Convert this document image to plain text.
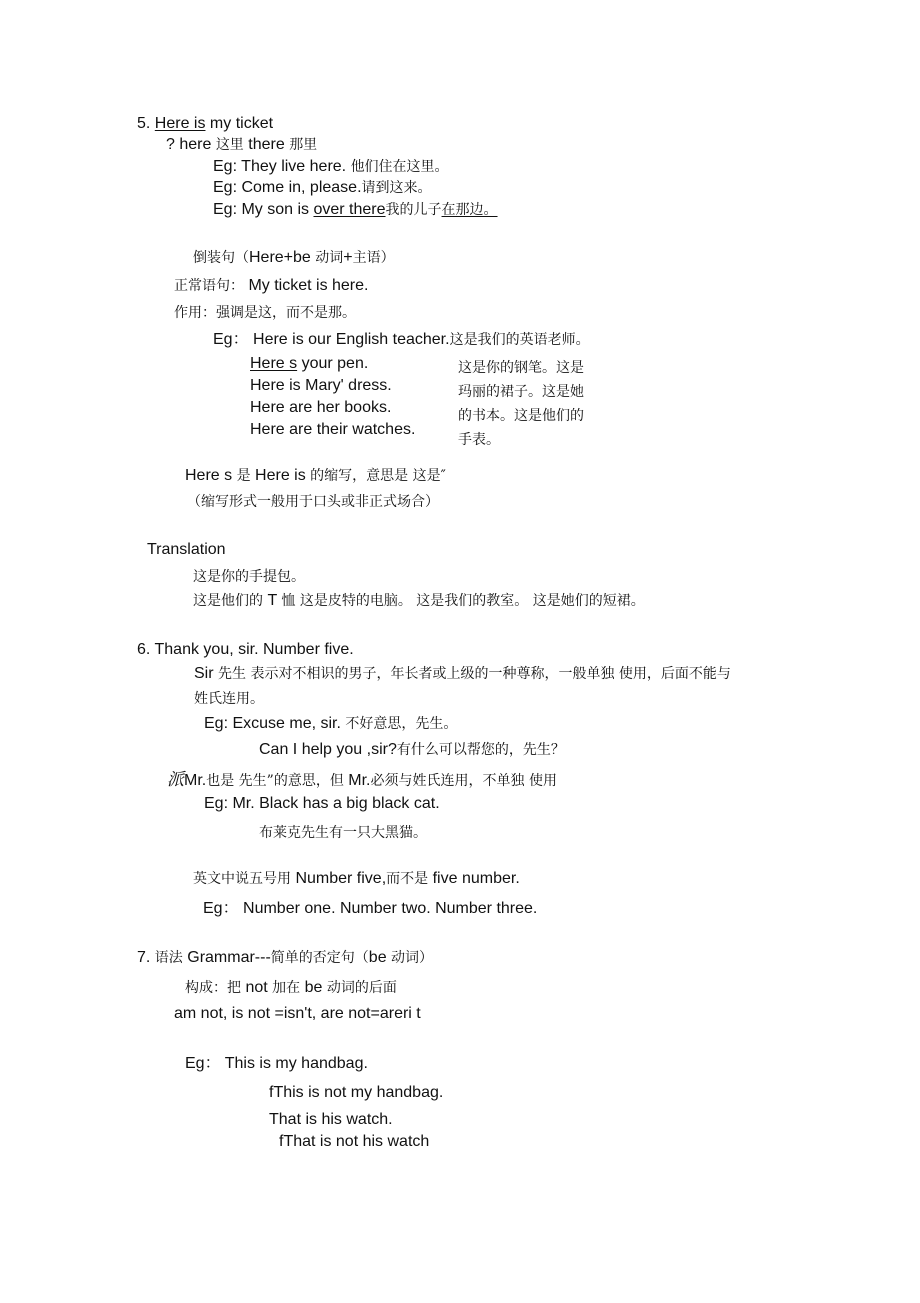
5. Here is my ticket
? here 这里 there 那里
Eg: They live here. 他们住在这里。
Eg: Come in, please.请到这来。
Eg: My son is over there我的儿子在那边。
倒装句（Here+be 动词+主语）
正常语句： My ticket is here.
作用：强调是这，而不是那。
Eg： Here is our English teacher.这是我们的英语老师。
Here s your pen.
Here is Mary' dress.
Here are her books.
Here are their watches.
这是你的钢笔。这是
玛丽的裙子。这是她
的书本。这是他们的
手表。
Here s 是 Here is 的缩写，意思是 这是″
（缩写形式一般用于口头或非正式场合）
Translation
这是你的手提包。
这是他们的 T 恤 这是皮特的电脑。 这是我们的教室。 这是她们的短裙。
6. Thank you, sir. Number five.
Sir 先生 表示对不相识的男子，年长者或上级的一种尊称，一般单独 使用，后面不能与
姓氏连用。
Eg: Excuse me, sir. 不好意思，先生。
Can I help you ,sir?有什么可以帮您的，先生？
派Mr.也是 先生”的意思，但 Mr.必须与姓氏连用，不单独 使用
Eg: Mr. Black has a big black cat.
布莱克先生有一只大黑猫。
英文中说五号用 Number five,而不是 five number.
Eg： Number one. Number two. Number three.
7. 语法 Grammar---简单的否定句（be 动词）
构成：把 not 加在 be 动词的后面
am not, is not =isn't, are not=areri t
Eg： This is my handbag.
fThis is not my handbag.
That is his watch.
fThat is not his watch
